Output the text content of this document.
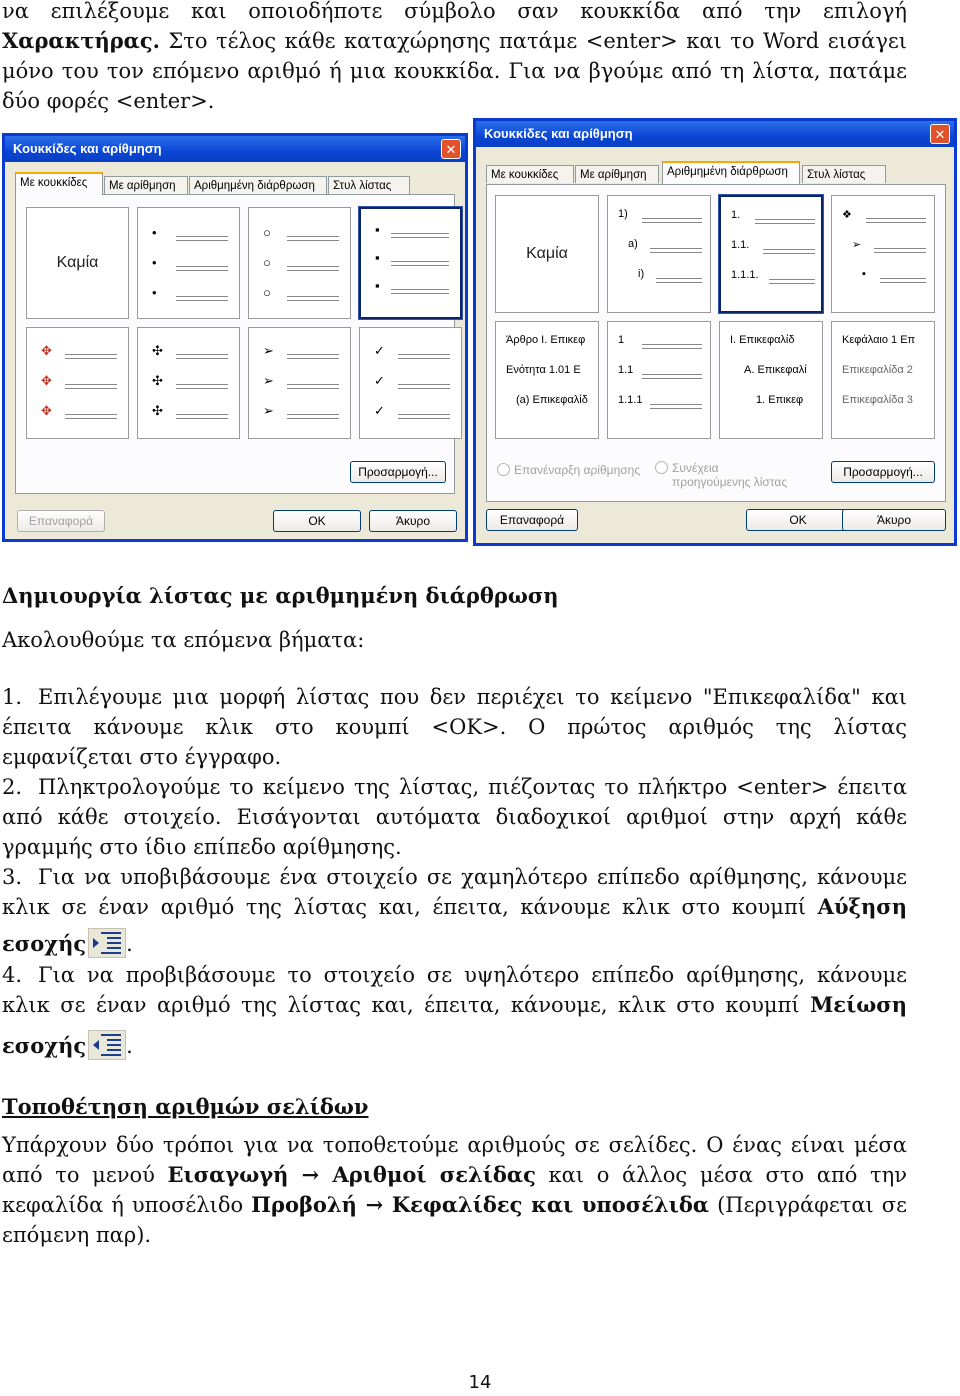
να επιλέξουμε και οποιοδήποτε σύμβολο σαν κουκκίδα από την επιλογή
Χαρακτήρας. Στο τέλος κάθε καταχώρησης πατάμε <enter> και το Word εισάγει
μόνο του τον επόμενο αριθμό ή μια κουκκίδα. Για να βγούμε από τη λίστα, πατάμε
δύο φορές <enter>.
Κουκκίδες και αρίθμηση	✕
Με κουκκίδες	Με αρίθμηση	Αριθμημένη διάρθρωση	Στυλ λίστας
Καμία
•
•
•
○
○
○
▪
▪
▪
✥
✥
✥
✣
✣
✣
➢
➢
➢
✓
✓
✓
Προσαρμογή...
Επαναφορά	OK	Άκυρο
Κουκκίδες και αρίθμηση	✕
Με κουκκίδες	Με αρίθμηση	Αριθμημένη διάρθρωση	Στυλ λίστας
Καμία
1)
a)
i)
1.
1.1.
1.1.1.
❖
➢
▪
Άρθρο I. Επικεφ
Ενότητα 1.01 Ε
(a) Επικεφαλίδ
1
1.1
1.1.1
I. Επικεφαλίδ
A. Επικεφαλί
1. Επικεφ
Κεφάλαιο 1 Επ
Επικεφαλίδα 2
Επικεφαλίδα 3
Επανέναρξη αρίθμησης	Συνέχεια
προηγούμενης λίστας
Προσαρμογή...
Επαναφορά	OK	Άκυρο
Δημιουργία λίστας με αριθμημένη διάρθρωση
Ακολουθούμε τα επόμενα βήματα:
1. Επιλέγουμε μια μορφή λίστας που δεν περιέχει το κείμενο "Επικεφαλίδα" και
έπειτα κάνουμε κλικ στο κουμπί <OK>. Ο πρώτος αριθμός της λίστας
εμφανίζεται στο έγγραφο.
2. Πληκτρολογούμε το κείμενο της λίστας, πιέζοντας το πλήκτρο <enter> έπειτα
από κάθε στοιχείο. Εισάγονται αυτόματα διαδοχικοί αριθμοί στην αρχή κάθε
γραμμής στο ίδιο επίπεδο αρίθμησης.
3. Για να υποβιβάσουμε ένα στοιχείο σε χαμηλότερο επίπεδο αρίθμησης, κάνουμε
κλικ σε έναν αριθμό της λίστας και, έπειτα, κάνουμε κλικ στο κουμπί Αύξηση
εσοχής .
4. Για να προβιβάσουμε το στοιχείο σε υψηλότερο επίπεδο αρίθμησης, κάνουμε
κλικ σε έναν αριθμό της λίστας και, έπειτα, κάνουμε, κλικ στο κουμπί Μείωση
εσοχής .
Τοποθέτηση αριθμών σελίδων
Υπάρχουν δύο τρόποι για να τοποθετούμε αριθμούς σε σελίδες. Ο ένας είναι μέσα
από το μενού Εισαγωγή → Αριθμοί σελίδας και ο άλλος μέσα στο από την
κεφαλίδα ή υποσέλιδο Προβολή → Κεφαλίδες και υποσέλιδα (Περιγράφεται σε
επόμενη παρ).
14
